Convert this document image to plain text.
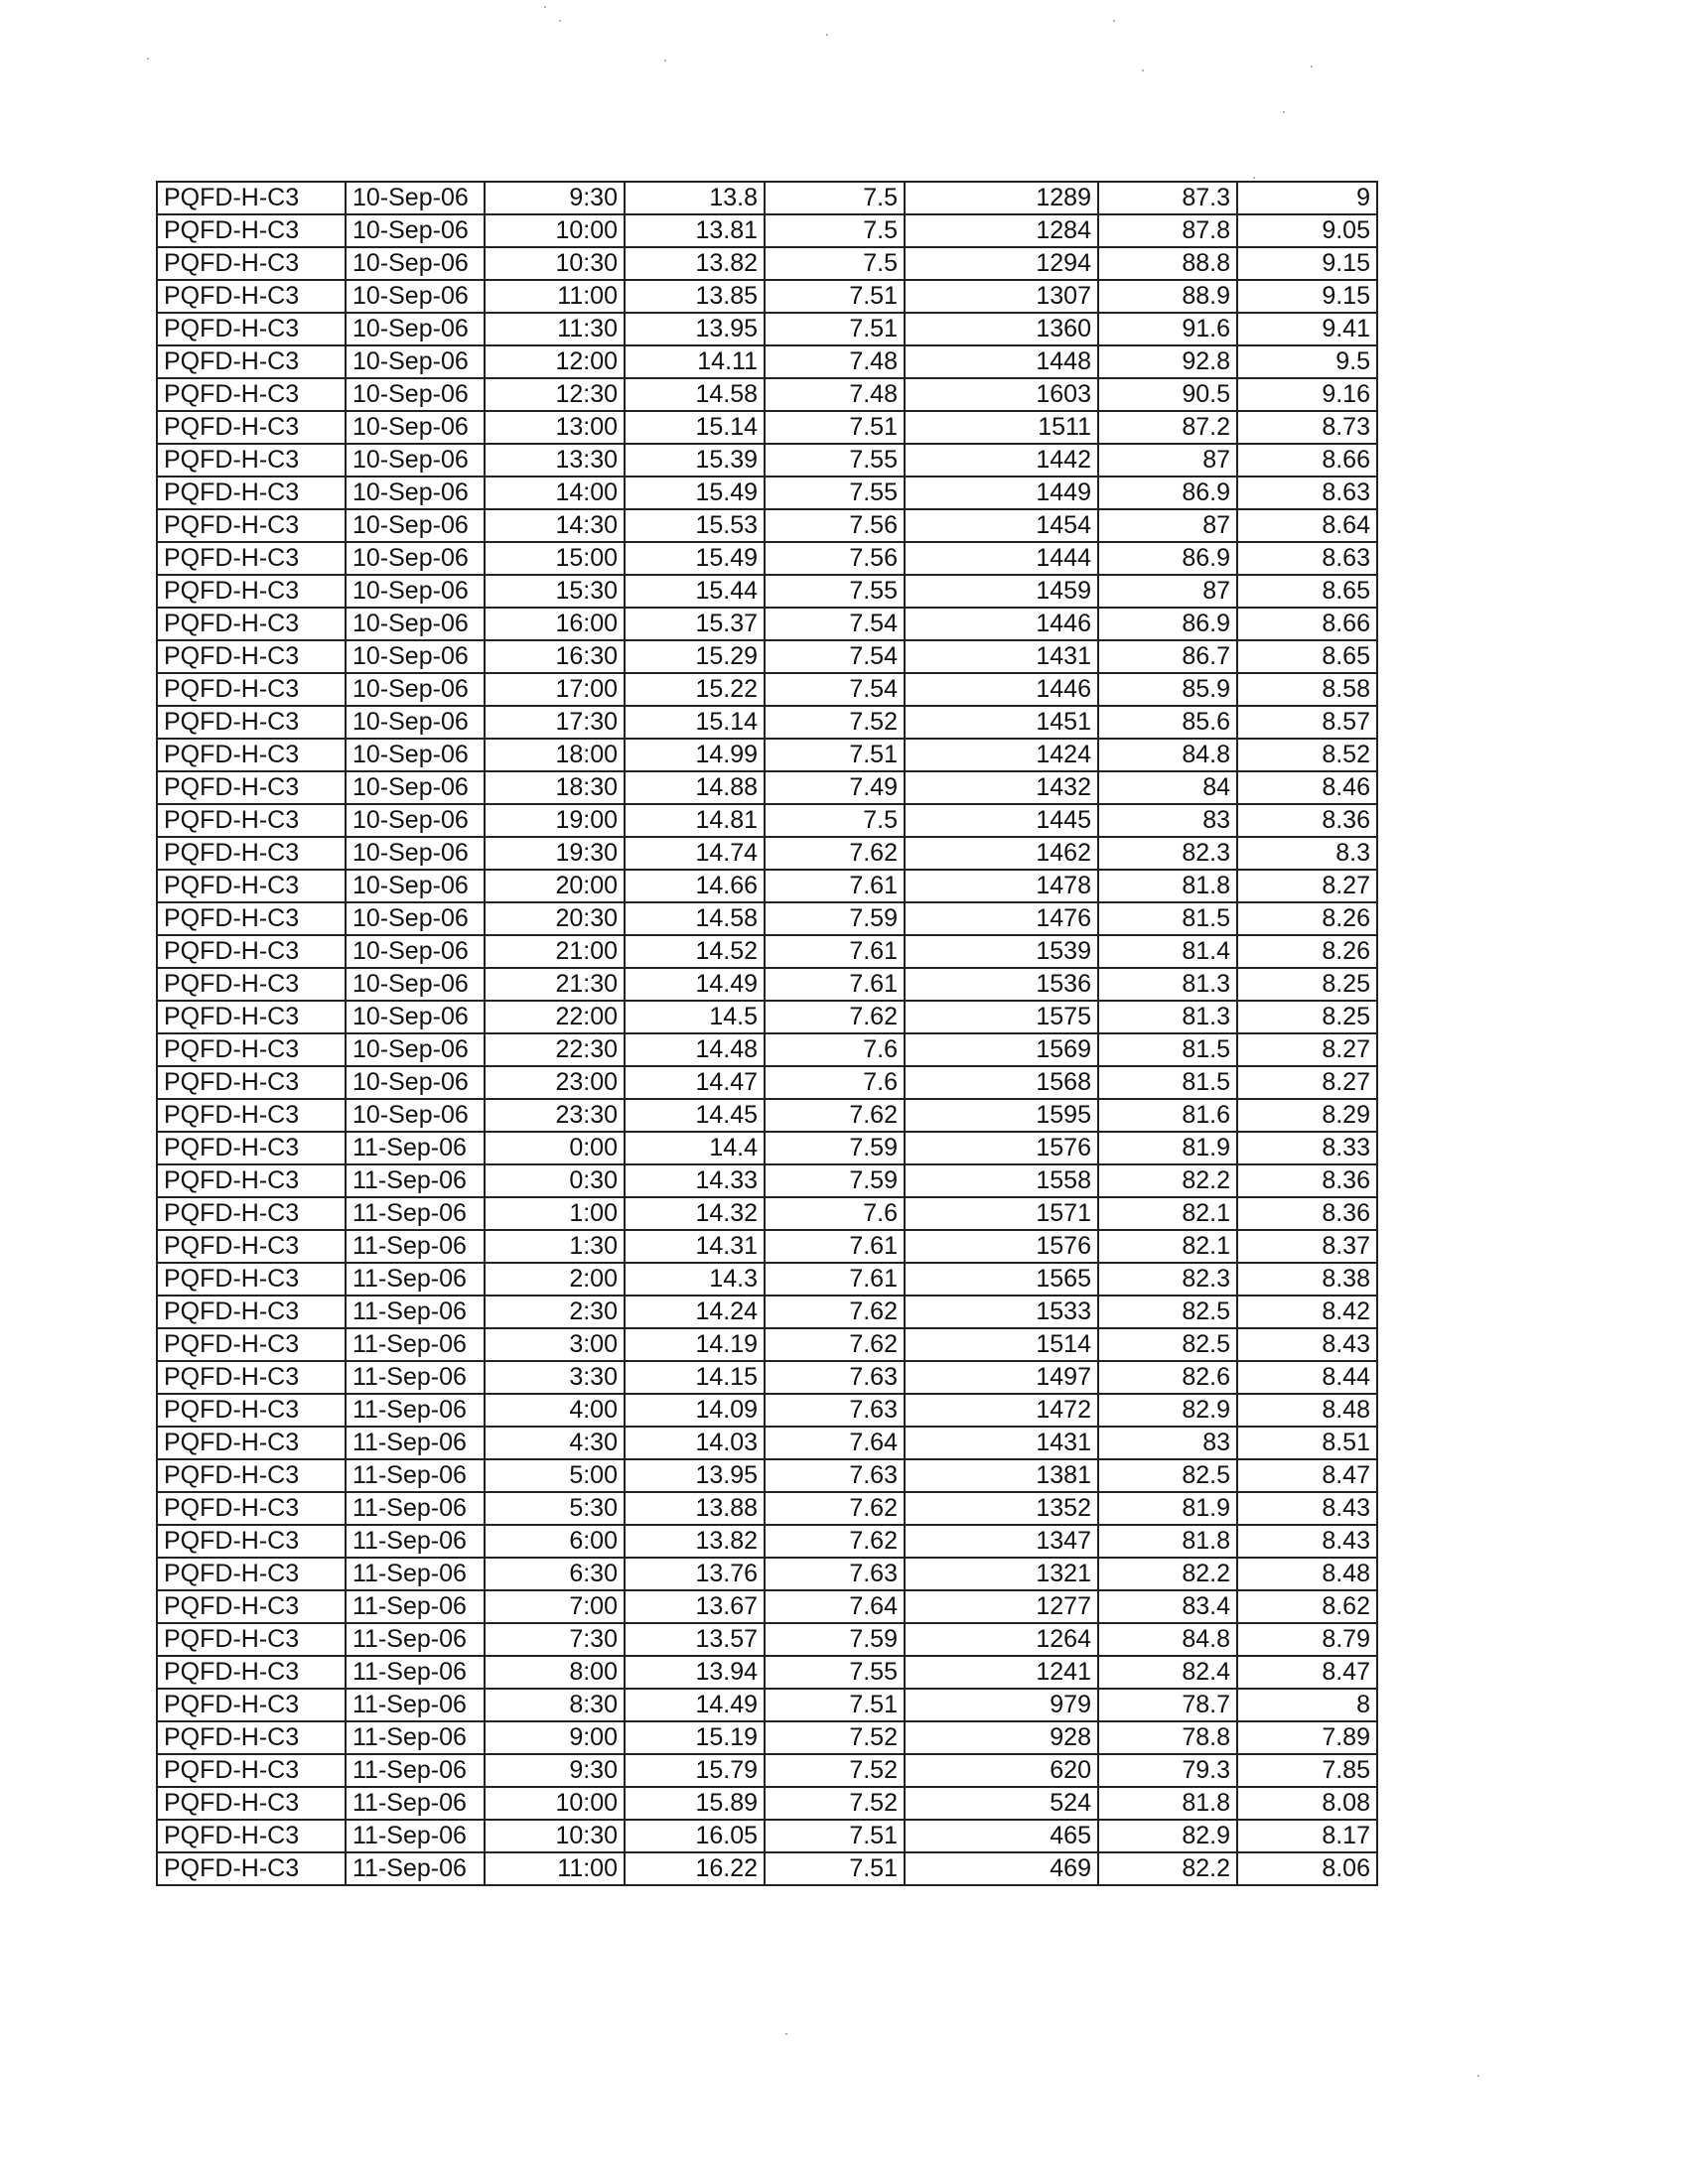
PQFD-H-C3	10-Sep-06	9:30	13.8	7.5	1289	87.3	9
PQFD-H-C3	10-Sep-06	10:00	13.81	7.5	1284	87.8	9.05
PQFD-H-C3	10-Sep-06	10:30	13.82	7.5	1294	88.8	9.15
PQFD-H-C3	10-Sep-06	11:00	13.85	7.51	1307	88.9	9.15
PQFD-H-C3	10-Sep-06	11:30	13.95	7.51	1360	91.6	9.41
PQFD-H-C3	10-Sep-06	12:00	14.11	7.48	1448	92.8	9.5
PQFD-H-C3	10-Sep-06	12:30	14.58	7.48	1603	90.5	9.16
PQFD-H-C3	10-Sep-06	13:00	15.14	7.51	1511	87.2	8.73
PQFD-H-C3	10-Sep-06	13:30	15.39	7.55	1442	87	8.66
PQFD-H-C3	10-Sep-06	14:00	15.49	7.55	1449	86.9	8.63
PQFD-H-C3	10-Sep-06	14:30	15.53	7.56	1454	87	8.64
PQFD-H-C3	10-Sep-06	15:00	15.49	7.56	1444	86.9	8.63
PQFD-H-C3	10-Sep-06	15:30	15.44	7.55	1459	87	8.65
PQFD-H-C3	10-Sep-06	16:00	15.37	7.54	1446	86.9	8.66
PQFD-H-C3	10-Sep-06	16:30	15.29	7.54	1431	86.7	8.65
PQFD-H-C3	10-Sep-06	17:00	15.22	7.54	1446	85.9	8.58
PQFD-H-C3	10-Sep-06	17:30	15.14	7.52	1451	85.6	8.57
PQFD-H-C3	10-Sep-06	18:00	14.99	7.51	1424	84.8	8.52
PQFD-H-C3	10-Sep-06	18:30	14.88	7.49	1432	84	8.46
PQFD-H-C3	10-Sep-06	19:00	14.81	7.5	1445	83	8.36
PQFD-H-C3	10-Sep-06	19:30	14.74	7.62	1462	82.3	8.3
PQFD-H-C3	10-Sep-06	20:00	14.66	7.61	1478	81.8	8.27
PQFD-H-C3	10-Sep-06	20:30	14.58	7.59	1476	81.5	8.26
PQFD-H-C3	10-Sep-06	21:00	14.52	7.61	1539	81.4	8.26
PQFD-H-C3	10-Sep-06	21:30	14.49	7.61	1536	81.3	8.25
PQFD-H-C3	10-Sep-06	22:00	14.5	7.62	1575	81.3	8.25
PQFD-H-C3	10-Sep-06	22:30	14.48	7.6	1569	81.5	8.27
PQFD-H-C3	10-Sep-06	23:00	14.47	7.6	1568	81.5	8.27
PQFD-H-C3	10-Sep-06	23:30	14.45	7.62	1595	81.6	8.29
PQFD-H-C3	11-Sep-06	0:00	14.4	7.59	1576	81.9	8.33
PQFD-H-C3	11-Sep-06	0:30	14.33	7.59	1558	82.2	8.36
PQFD-H-C3	11-Sep-06	1:00	14.32	7.6	1571	82.1	8.36
PQFD-H-C3	11-Sep-06	1:30	14.31	7.61	1576	82.1	8.37
PQFD-H-C3	11-Sep-06	2:00	14.3	7.61	1565	82.3	8.38
PQFD-H-C3	11-Sep-06	2:30	14.24	7.62	1533	82.5	8.42
PQFD-H-C3	11-Sep-06	3:00	14.19	7.62	1514	82.5	8.43
PQFD-H-C3	11-Sep-06	3:30	14.15	7.63	1497	82.6	8.44
PQFD-H-C3	11-Sep-06	4:00	14.09	7.63	1472	82.9	8.48
PQFD-H-C3	11-Sep-06	4:30	14.03	7.64	1431	83	8.51
PQFD-H-C3	11-Sep-06	5:00	13.95	7.63	1381	82.5	8.47
PQFD-H-C3	11-Sep-06	5:30	13.88	7.62	1352	81.9	8.43
PQFD-H-C3	11-Sep-06	6:00	13.82	7.62	1347	81.8	8.43
PQFD-H-C3	11-Sep-06	6:30	13.76	7.63	1321	82.2	8.48
PQFD-H-C3	11-Sep-06	7:00	13.67	7.64	1277	83.4	8.62
PQFD-H-C3	11-Sep-06	7:30	13.57	7.59	1264	84.8	8.79
PQFD-H-C3	11-Sep-06	8:00	13.94	7.55	1241	82.4	8.47
PQFD-H-C3	11-Sep-06	8:30	14.49	7.51	979	78.7	8
PQFD-H-C3	11-Sep-06	9:00	15.19	7.52	928	78.8	7.89
PQFD-H-C3	11-Sep-06	9:30	15.79	7.52	620	79.3	7.85
PQFD-H-C3	11-Sep-06	10:00	15.89	7.52	524	81.8	8.08
PQFD-H-C3	11-Sep-06	10:30	16.05	7.51	465	82.9	8.17
PQFD-H-C3	11-Sep-06	11:00	16.22	7.51	469	82.2	8.06
